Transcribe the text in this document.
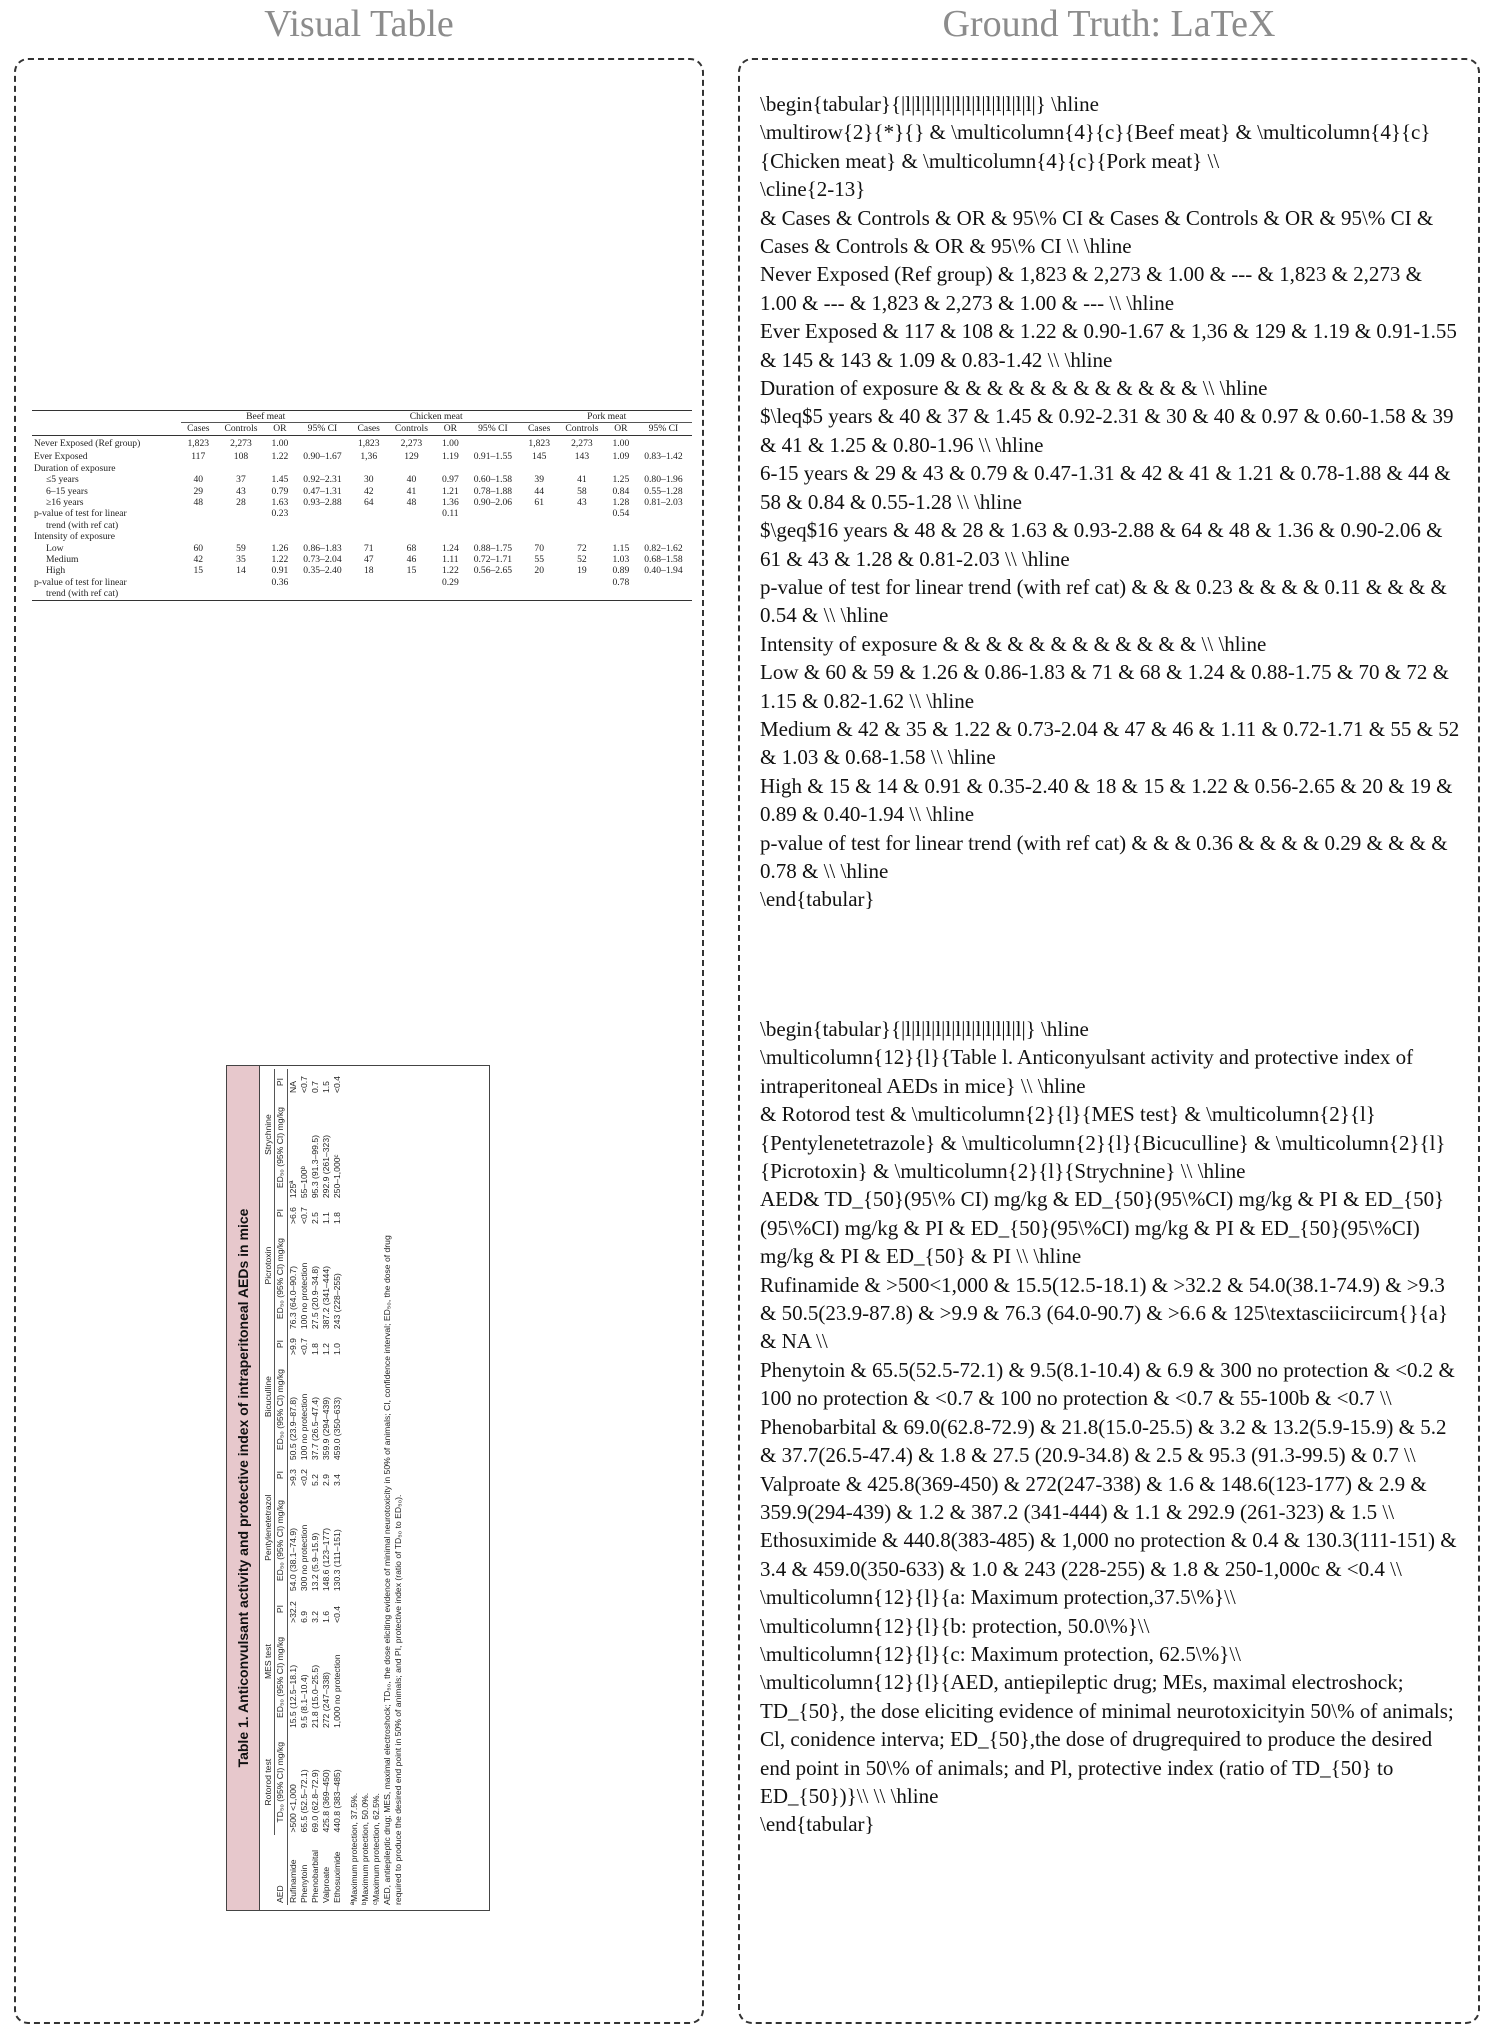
Visual Table	Ground Truth: LaTeX
	Beef meat				Chicken meat				Pork meat			
	Cases	Controls	OR	95% CI	Cases	Controls	OR	95% CI	Cases	Controls	OR	95% CI
Never Exposed (Ref group)	1,823	2,273	1.00		1,823	2,273	1.00		1,823	2,273	1.00	
Ever Exposed	117	108	1.22	0.90–1.67	1,36	129	1.19	0.91–1.55	145	143	1.09	0.83–1.42
Duration of exposure												
≤5 years	40	37	1.45	0.92–2.31	30	40	0.97	0.60–1.58	39	41	1.25	0.80–1.96
6–15 years	29	43	0.79	0.47–1.31	42	41	1.21	0.78–1.88	44	58	0.84	0.55–1.28
≥16 years	48	28	1.63	0.93–2.88	64	48	1.36	0.90–2.06	61	43	1.28	0.81–2.03
p-value of test for linear			0.23				0.11				0.54	
trend (with ref cat)												
Intensity of exposure												
Low	60	59	1.26	0.86–1.83	71	68	1.24	0.88–1.75	70	72	1.15	0.82–1.62
Medium	42	35	1.22	0.73–2.04	47	46	1.11	0.72–1.71	55	52	1.03	0.68–1.58
High	15	14	0.91	0.35–2.40	18	15	1.22	0.56–2.65	20	19	0.89	0.40–1.94
p-value of test for linear			0.36				0.29				0.78	
trend (with ref cat)												
Table 1. Anticonvulsant activity and protective index of intraperitoneal AEDs in mice
	Rotorod test	MES test		Pentylenetetrazol		Bicuculline		Picrotoxin		Strychnine	
AED	TD₅₀ (95% CI) mg/kg	ED₅₀ (95% CI) mg/kg	PI	ED₅₀ (95% CI) mg/kg	PI	ED₅₀ (95% CI) mg/kg	PI	ED₅₀ (95% CI) mg/kg	PI	ED₅₀ (95% CI) mg/kg	PI
Rufinamide	>500 <1,000	15.5 (12.5–18.1)	>32.2	54.0 (38.1–74.9)	>9.3	50.5 (23.9–87.8)	>9.9	76.3 (64.0–90.7)	>6.6	125ª	NA
Phenytoin	65.5 (52.5–72.1)	9.5 (8.1–10.4)	6.9	300 no protection	<0.2	100 no protection	<0.7	100 no protection	<0.7	55–100ᵇ	<0.7
Phenobarbital	69.0 (62.8–72.9)	21.8 (15.0–25.5)	3.2	13.2 (5.9–15.9)	5.2	37.7 (26.5–47.4)	1.8	27.5 (20.9–34.8)	2.5	95.3 (91.3–99.5)	0.7
Valproate	425.8 (369–450)	272 (247–338)	1.6	148.6 (123–177)	2.9	359.9 (294–439)	1.2	387.2 (341–444)	1.1	292.9 (261–323)	1.5
Ethosuximide	440.8 (383–485)	1,000 no protection	<0.4	130.3 (111–151)	3.4	459.0 (350–633)	1.0	243 (228–255)	1.8	250–1,000ᶜ	<0.4

ªMaximum protection, 37.5%. ᵇMaximum protection, 50.0%. ᶜMaximum protection, 62.5%. AED, antiepileptic drug; MES, maximal electroshock; TD₅₀, the dose eliciting evidence of minimal neurotoxicity in 50% of animals; CI, confidence interval; ED₅₀, the dose of drug required to produce the desired end point in 50% of animals; and PI, protective index (ratio of TD₅₀ to ED₅₀).

\begin{tabular}{|l|l|l|l|l|l|l|l|l|l|l|l|l|} \hline

\multirow{2}{*}{} & \multicolumn{4}{c}{Beef meat} & \multicolumn{4}{c}{Chicken meat} & \multicolumn{4}{c}{Pork meat} \\

\cline{2-13}

& Cases & Controls & OR & 95\% CI & Cases & Controls & OR & 95\% CI & Cases & Controls & OR & 95\% CI \\ \hline

Never Exposed (Ref group) & 1,823 & 2,273 & 1.00 & --- & 1,823 & 2,273 & 1.00 & --- & 1,823 & 2,273 & 1.00 & --- \\ \hline

Ever Exposed & 117 & 108 & 1.22 & 0.90-1.67 & 1,36 & 129 & 1.19 & 0.91-1.55 & 145 & 143 & 1.09 & 0.83-1.42 \\ \hline

Duration of exposure & & & & & & & & & & & & \\ \hline

$\leq$5 years & 40 & 37 & 1.45 & 0.92-2.31 & 30 & 40 & 0.97 & 0.60-1.58 & 39 & 41 & 1.25 & 0.80-1.96 \\ \hline

6-15 years & 29 & 43 & 0.79 & 0.47-1.31 & 42 & 41 & 1.21 & 0.78-1.88 & 44 & 58 & 0.84 & 0.55-1.28 \\ \hline

$\geq$16 years & 48 & 28 & 1.63 & 0.93-2.88 & 64 & 48 & 1.36 & 0.90-2.06 & 61 & 43 & 1.28 & 0.81-2.03 \\ \hline

p-value of test for linear trend (with ref cat) & & & 0.23 & & & & 0.11 & & & & 0.54 & \\ \hline

Intensity of exposure & & & & & & & & & & & & \\ \hline

Low & 60 & 59 & 1.26 & 0.86-1.83 & 71 & 68 & 1.24 & 0.88-1.75 & 70 & 72 & 1.15 & 0.82-1.62 \\ \hline

Medium & 42 & 35 & 1.22 & 0.73-2.04 & 47 & 46 & 1.11 & 0.72-1.71 & 55 & 52 & 1.03 & 0.68-1.58 \\ \hline

High & 15 & 14 & 0.91 & 0.35-2.40 & 18 & 15 & 1.22 & 0.56-2.65 & 20 & 19 & 0.89 & 0.40-1.94 \\ \hline

p-value of test for linear trend (with ref cat) & & & 0.36 & & & & 0.29 & & & & 0.78 & \\ \hline

\end{tabular}

\begin{tabular}{|l|l|l|l|l|l|l|l|l|l|l|l|} \hline

\multicolumn{12}{l}{Table l. Anticonyulsant activity and protective index of intraperitoneal AEDs in mice} \\ \hline

& Rotorod test & \multicolumn{2}{l}{MES test} & \multicolumn{2}{l}{Pentylenetetrazole} & \multicolumn{2}{l}{Bicuculline} & \multicolumn{2}{l}{Picrotoxin} & \multicolumn{2}{l}{Strychnine} \\ \hline

AED& TD_{50}(95\% CI) mg/kg & ED_{50}(95\%CI) mg/kg & PI & ED_{50}(95\%CI) mg/kg & PI & ED_{50}(95\%CI) mg/kg & PI & ED_{50}(95\%CI) mg/kg & PI & ED_{50} & PI \\ \hline

Rufinamide & >500<1,000 & 15.5(12.5-18.1) & >32.2 & 54.0(38.1-74.9) & >9.3 & 50.5(23.9-87.8) & >9.9 & 76.3 (64.0-90.7) & >6.6 & 125\textasciicircum{}{a} & NA \\

Phenytoin & 65.5(52.5-72.1) & 9.5(8.1-10.4) & 6.9 & 300 no protection & <0.2 & 100 no protection & <0.7 & 100 no protection & <0.7 & 55-100b & <0.7 \\

Phenobarbital & 69.0(62.8-72.9) & 21.8(15.0-25.5) & 3.2 & 13.2(5.9-15.9) & 5.2 & 37.7(26.5-47.4) & 1.8 & 27.5 (20.9-34.8) & 2.5 & 95.3 (91.3-99.5) & 0.7 \\

Valproate & 425.8(369-450) & 272(247-338) & 1.6 & 148.6(123-177) & 2.9 & 359.9(294-439) & 1.2 & 387.2 (341-444) & 1.1 & 292.9 (261-323) & 1.5 \\

Ethosuximide & 440.8(383-485) & 1,000 no protection & 0.4 & 130.3(111-151) & 3.4 & 459.0(350-633) & 1.0 & 243 (228-255) & 1.8 & 250-1,000c & <0.4 \\

\multicolumn{12}{l}{a: Maximum protection,37.5\%}\\

\multicolumn{12}{l}{b: protection, 50.0\%}\\

\multicolumn{12}{l}{c: Maximum protection, 62.5\%}\\

\multicolumn{12}{l}{AED, antiepileptic drug; MEs, maximal electroshock; TD_{50}, the dose eliciting evidence of minimal neurotoxicityin 50\% of animals; Cl, conidence interva; ED_{50},the dose of drugrequired to produce the desired end point in 50\% of animals; and Pl, protective index (ratio of TD_{50} to ED_{50})}\\ \\ \hline

\end{tabular}
